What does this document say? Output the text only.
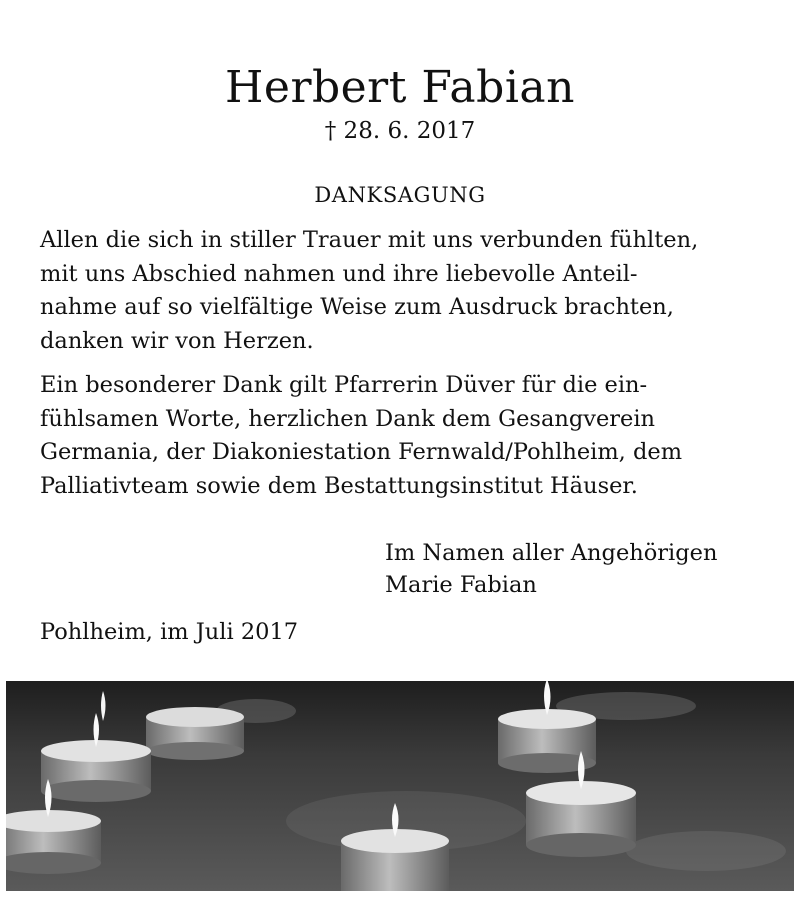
Herbert Fabian
† 28. 6. 2017
DANKSAGUNG

Allen die sich in stiller Trauer mit uns verbunden fühlten,
mit uns Abschied nahmen und ihre liebevolle Anteil-
nahme auf so vielfältige Weise zum Ausdruck brachten,
danken wir von Herzen.

Ein besonderer Dank gilt Pfarrerin Düver für die ein-
fühlsamen Worte, herzlichen Dank dem Gesangverein
Germania, der Diakoniestation Fernwald/Pohlheim, dem
Palliativteam sowie dem Bestattungsinstitut Häuser.

Im Namen aller Angehörigen
Marie Fabian
Pohlheim, im Juli 2017
